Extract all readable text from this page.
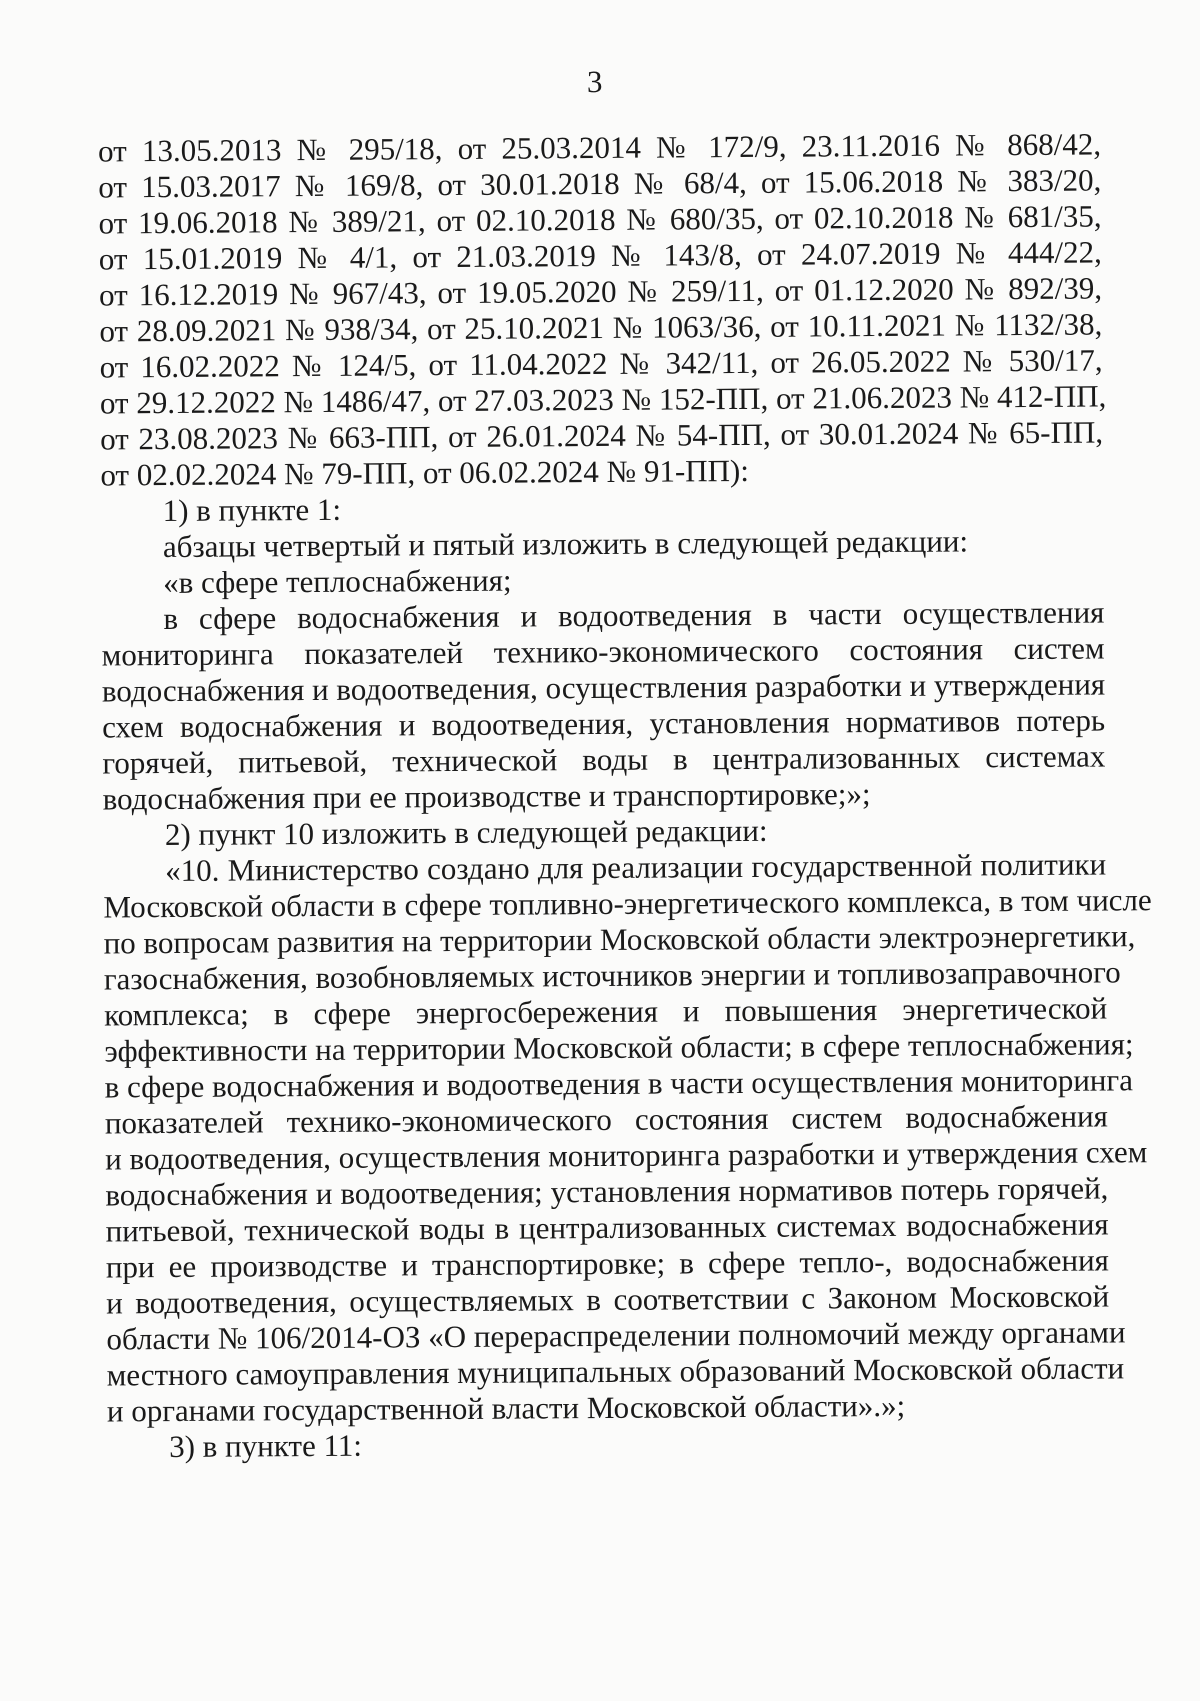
3
от 13.05.2013 № 295/18, от 25.03.2014 № 172/9, 23.11.2016 № 868/42,
от 15.03.2017 № 169/8, от 30.01.2018 № 68/4, от 15.06.2018 № 383/20,
от 19.06.2018 № 389/21, от 02.10.2018 № 680/35, от 02.10.2018 № 681/35,
от 15.01.2019 № 4/1, от 21.03.2019 № 143/8, от 24.07.2019 № 444/22,
от 16.12.2019 № 967/43, от 19.05.2020 № 259/11, от 01.12.2020 № 892/39,
от 28.09.2021 № 938/34, от 25.10.2021 № 1063/36, от 10.11.2021 № 1132/38,
от 16.02.2022 № 124/5, от 11.04.2022 № 342/11, от 26.05.2022 № 530/17,
от 29.12.2022 № 1486/47, от 27.03.2023 № 152-ПП, от 21.06.2023 № 412-ПП,
от 23.08.2023 № 663-ПП, от 26.01.2024 № 54-ПП, от 30.01.2024 № 65-ПП,
от 02.02.2024 № 79-ПП, от 06.02.2024 № 91-ПП):
1) в пункте 1:
абзацы четвертый и пятый изложить в следующей редакции:
«в сфере теплоснабжения;
в сфере водоснабжения и водоотведения в части осуществления
мониторинга показателей технико-экономического состояния систем
водоснабжения и водоотведения, осуществления разработки и утверждения
схем водоснабжения и водоотведения, установления нормативов потерь
горячей, питьевой, технической воды в централизованных системах
водоснабжения при ее производстве и транспортировке;»;
2) пункт 10 изложить в следующей редакции:
«10. Министерство создано для реализации государственной политики
Московской области в сфере топливно-энергетического комплекса, в том числе
по вопросам развития на территории Московской области электроэнергетики,
газоснабжения, возобновляемых источников энергии и топливозаправочного
комплекса; в сфере энергосбережения и повышения энергетической
эффективности на территории Московской области; в сфере теплоснабжения;
в сфере водоснабжения и водоотведения в части осуществления мониторинга
показателей технико-экономического состояния систем водоснабжения
и водоотведения, осуществления мониторинга разработки и утверждения схем
водоснабжения и водоотведения; установления нормативов потерь горячей,
питьевой, технической воды в централизованных системах водоснабжения
при ее производстве и транспортировке; в сфере тепло-, водоснабжения
и водоотведения, осуществляемых в соответствии с Законом Московской
области № 106/2014-ОЗ «О перераспределении полномочий между органами
местного самоуправления муниципальных образований Московской области
и органами государственной власти Московской области».»;
3) в пункте 11:
